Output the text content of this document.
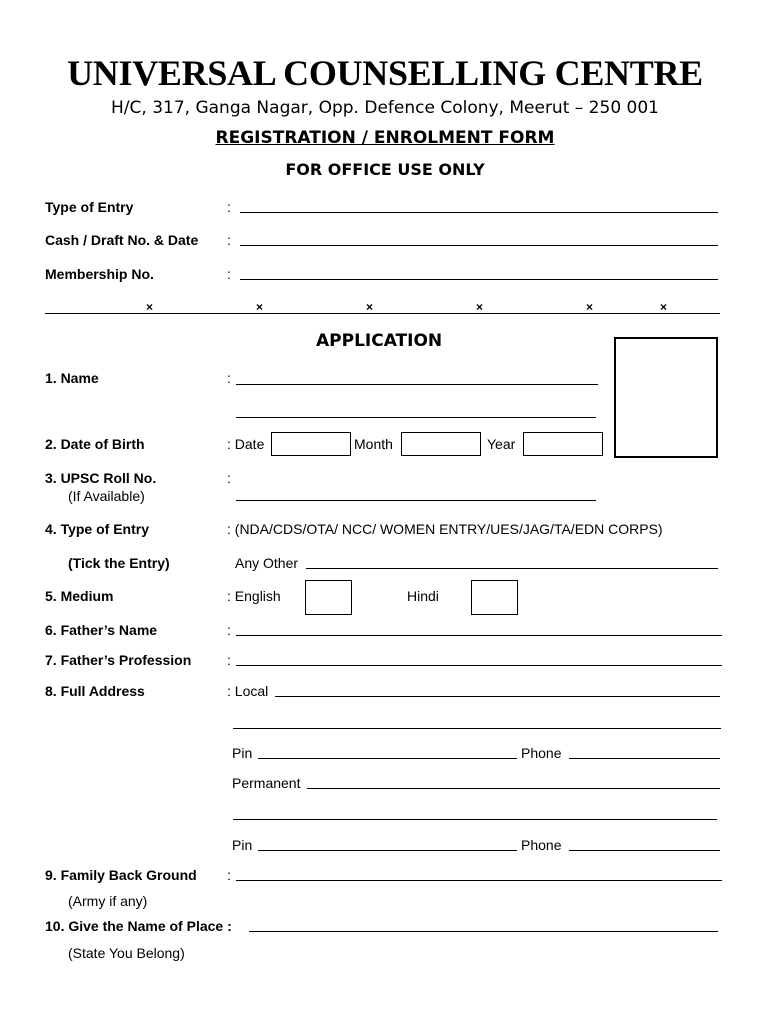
UNIVERSAL COUNSELLING CENTRE
H/C, 317, Ganga Nagar, Opp. Defence Colony, Meerut – 250 001
REGISTRATION / ENROLMENT FORM
FOR OFFICE USE ONLY
Type of Entry	:
Cash / Draft No. & Date :
Membership No.	:
×	×	×	×	×	×
APPLICATION
1. Name	:
2. Date of Birth	: Date	Month	Year
3. UPSC Roll No.
(If Available)
:
4. Type of Entry	: (NDA/CDS/OTA/ NCC/ WOMEN ENTRY/UES/JAG/TA/EDN CORPS)
(Tick the Entry)	Any Other
5. Medium	: English	Hindi
6. Father’s Name	:
7. Father’s Profession	:
8. Full Address	: Local
Pin	Phone
Permanent
Pin	Phone
9. Family Back Ground :
(Army if any)
10. Give the Name of Place :
(State You Belong)
